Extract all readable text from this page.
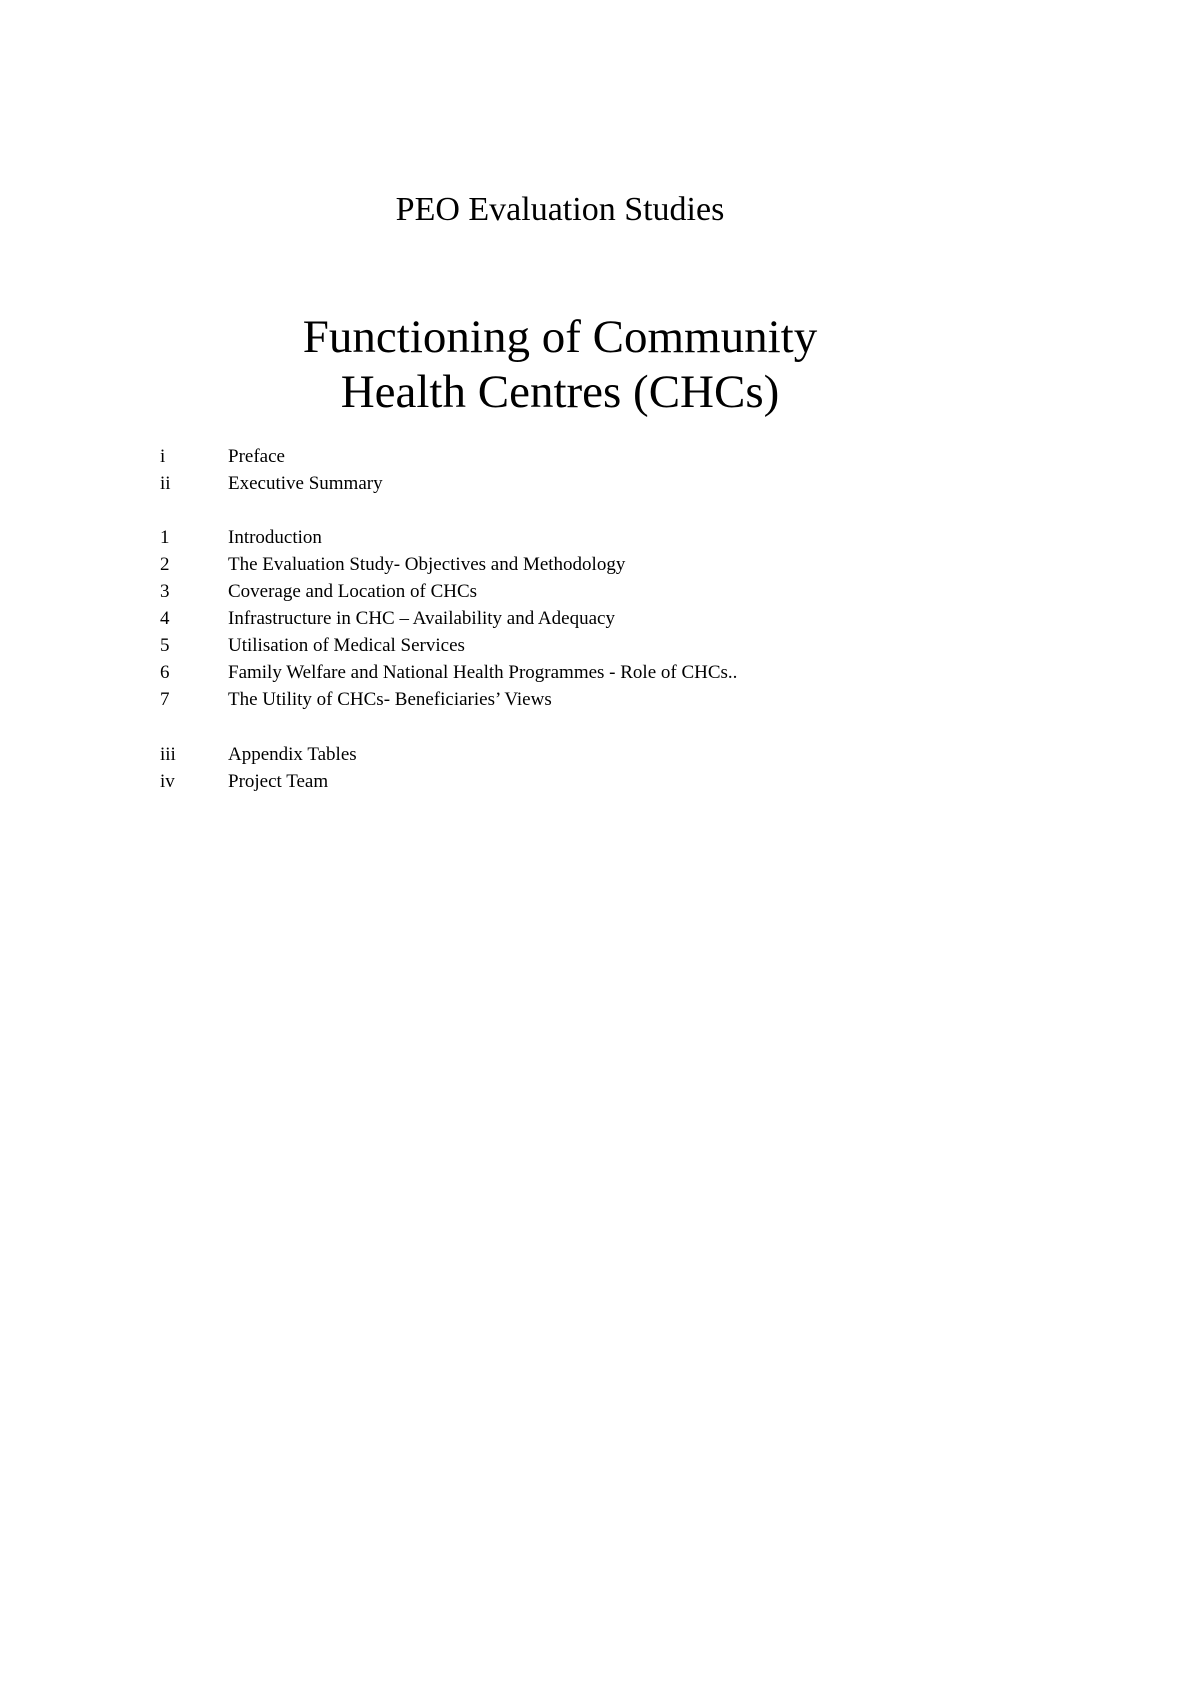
PEO Evaluation Studies
Functioning of Community
Health Centres (CHCs)
i	Preface
ii	Executive Summary
1	Introduction
2	The Evaluation Study- Objectives and Methodology
3	Coverage and Location of CHCs
4	Infrastructure in CHC – Availability and Adequacy
5	Utilisation of Medical Services
6	Family Welfare and National Health Programmes - Role of CHCs..
7	The Utility of CHCs- Beneficiaries’ Views
iii	Appendix Tables
iv	Project Team
